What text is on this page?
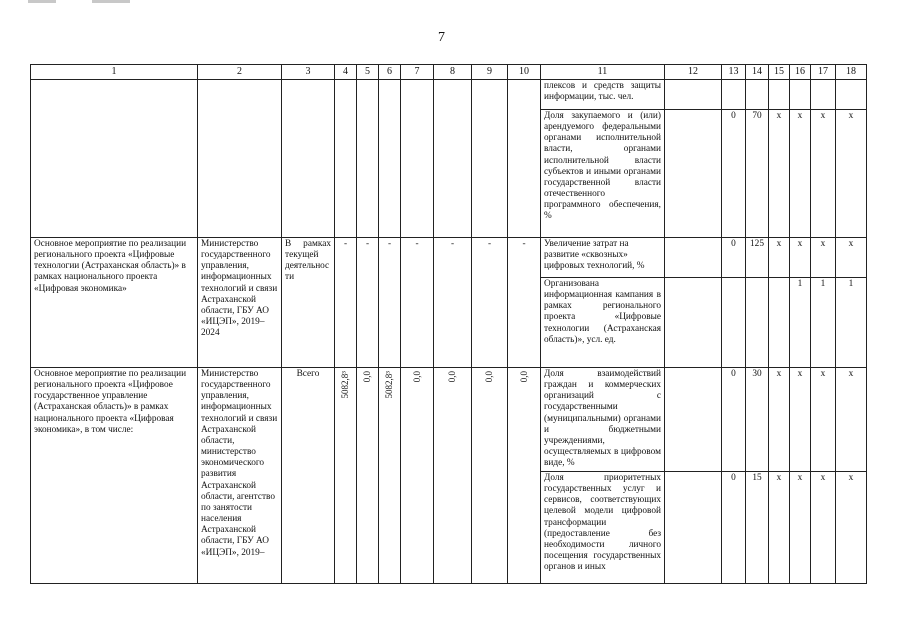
7
1	2	3	4	5	6	7	8	9	10	11	12	13	14	15	16	17	18
										плексов и средств защиты информации, тыс. чел.							
										Доля закупаемого и (или) арендуемого федеральными органами исполнительной власти, органами исполнительной власти субъектов и иными органами государственной власти отечественного программного обеспечения, %		0	70	x	x	x	x
Основное мероприятие по реализации регионального проекта «Цифровые технологии (Астраханская область)» в рамках национального проекта «Цифровая экономика»	Министерство государственного управления, информационных технологий и связи Астраханской области, ГБУ АО «ИЦЭП», 2019–2024	В рамках текущей деятельности	-	-	-	-	-	-	-	Увеличение затрат на развитие «сквозных» цифровых технологий, %		0	125	x	x	x	x
										Организована информационная кампания в рамках регионального проекта «Цифровые технологии (Астраханская область)», усл. ед.					1	1	1
Основное мероприятие по реализации регионального проекта «Цифровое государственное управление (Астраханская область)» в рамках национального проекта «Цифровая экономика», в том числе:	Министерство государственного управления, информационных технологий и связи Астраханской области, министерство экономического развития Астраханской области, агентство по занятости населения Астраханской области, ГБУ АО «ИЦЭП», 2019–	Всего	5082,8³	0,0	5082,8³	0,0	0,0	0,0	0,0	Доля взаимодействий граждан и коммерческих организаций с государственными (муниципальными) органами и бюджетными учреждениями, осуществляемых в цифровом виде, %		0	30	x	x	x	x
										Доля приоритетных государственных услуг и сервисов, соответствующих целевой модели цифровой трансформации (предоставление без необходимости личного посещения государственных органов и иных		0	15	x	x	x	x
